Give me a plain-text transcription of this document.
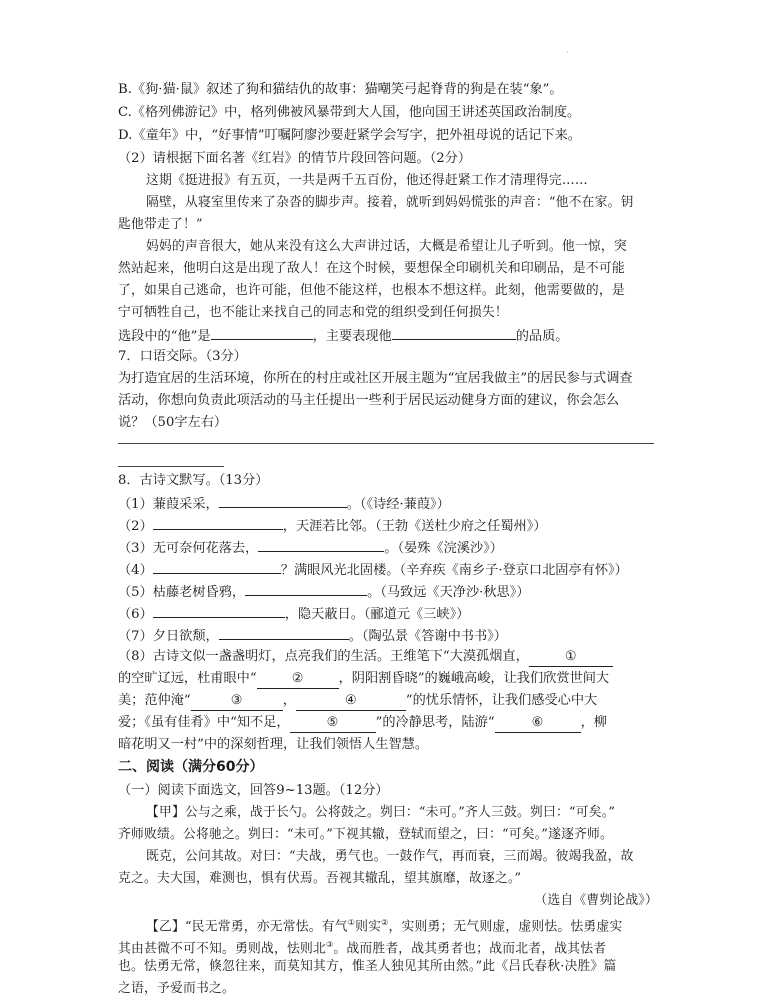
·
B.《狗·猫·鼠》叙述了狗和猫结仇的故事：猫嘲笑弓起脊背的狗是在装“象”。
C.《格列佛游记》中，格列佛被风暴带到大人国，他向国王讲述英国政治制度。
D.《童年》中，“好事情”叮嘱阿廖沙要赶紧学会写字，把外祖母说的话记下来。
（2）请根据下面名著《红岩》的情节片段回答问题。（2分）
这期《挺进报》有五页，一共是两千五百份，他还得赶紧工作才清理得完……
隔壁，从寝室里传来了杂沓的脚步声。接着，就听到妈妈慌张的声音：“他不在家。钥
匙他带走了！”
妈妈的声音很大，她从来没有这么大声讲过话，大概是希望让儿子听到。他一惊，突
然站起来，他明白这是出现了敌人！在这个时候，要想保全印刷机关和印刷品，是不可能
了，如果自己逃命，也许可能，但他不能这样，也根本不想这样。此刻，他需要做的，是
宁可牺牲自己，也不能让来找自己的同志和党的组织受到任何损失！
选段中的“他”是	，主要表现他	的品质。
7．口语交际。（3分）
为打造宜居的生活环境，你所在的村庄或社区开展主题为“宜居我做主”的居民参与式调查
活动，你想向负责此项活动的马主任提出一些利于居民运动健身方面的建议，你会怎么
说？（50字左右）
8．古诗文默写。（13分）
（1）蒹葭采采，	。（《诗经·蒹葭》）
（2）	，天涯若比邻。（王勃《送杜少府之任蜀州》）
（3）无可奈何花落去，	。（晏殊《浣溪沙》）
（4）	？满眼风光北固楼。（辛弃疾《南乡子·登京口北固亭有怀》）
（5）枯藤老树昏鸦，	。（马致远《天净沙·秋思》）
（6）	，隐天蔽日。（郦道元《三峡》）
（7）夕日欲颓，	。（陶弘景《答谢中书书》）
（8）古诗文似一盏盏明灯，点亮我们的生活。王维笔下“大漠孤烟直，	①
的空旷辽远，杜甫眼中“	②	，阴阳割昏晓”的巍峨高峻，让我们欣赏世间大
美；范仲淹“	③	，	④	”的忧乐情怀，让我们感受心中大
爱；《虽有佳肴》中“知不足，	⑤	”的冷静思考，陆游“	⑥	，柳
暗花明又一村”中的深刻哲理，让我们领悟人生智慧。
二、阅读（满分60分）
（一）阅读下面选文，回答9~13题。（12分）
【甲】公与之乘，战于长勺。公将鼓之。刿曰：“未可。”齐人三鼓。刿曰：“可矣。”
齐师败绩。公将驰之。刿曰：“未可。”下视其辙，登轼而望之，曰：“可矣。”遂逐齐师。
既克，公问其故。对曰：“夫战，勇气也。一鼓作气，再而衰，三而竭。彼竭我盈，故
克之。夫大国，难测也，惧有伏焉。吾视其辙乱，望其旗靡，故逐之。”
（选自《曹刿论战》）
【乙】“民无常勇，亦无常怯。有气①则实②，实则勇；无气则虚，虚则怯。怯勇虚实
其由甚微不可不知。勇则战，怯则北③。战而胜者，战其勇者也；战而北者，战其怯者
也。怯勇无常，倏忽往来，而莫知其方，惟圣人独见其所由然。”此《吕氏春秋·决胜》篇
之语，予爱而书之。
